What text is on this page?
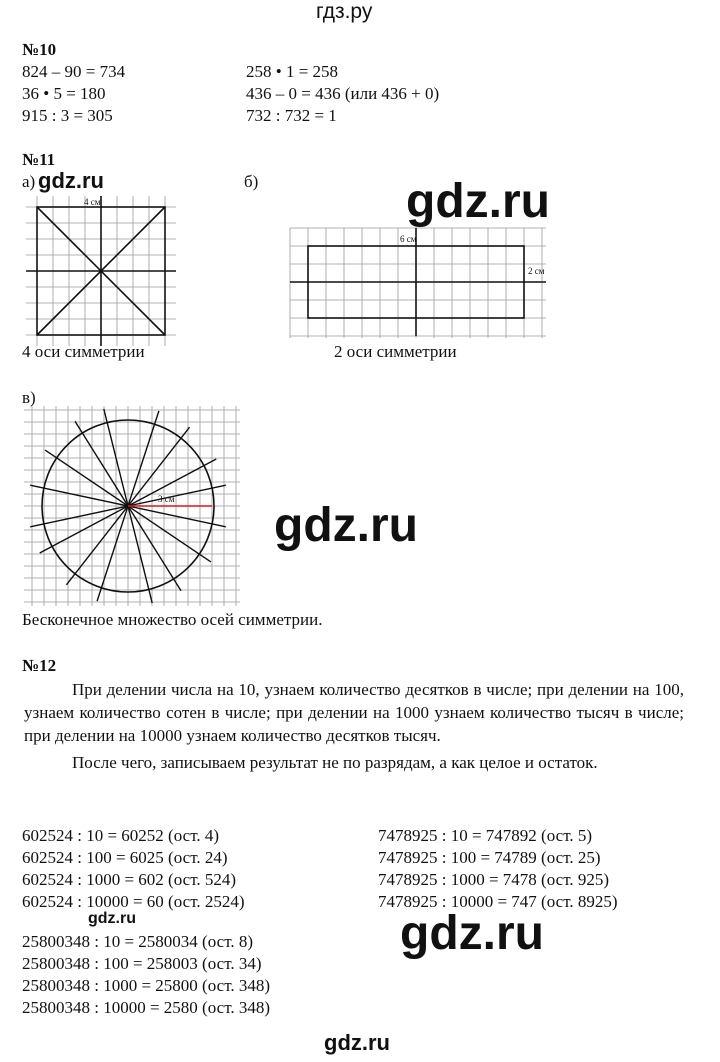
гдз.ру
№10
824 – 90 = 734
36 • 5 = 180
915 : 3 = 305
258 • 1 = 258
436 – 0 = 436 (или 436 + 0)
732 : 732 = 1
№11
а)	б)
4 см
gdz.ru
6 см
2 см
gdz.ru
4 оси симметрии	2 оси симметрии
в)
3 см gdz.ru
Бесконечное множество осей симметрии.
№12

При делении числа на 10, узнаем количество десятков в числе; при делении на 100, узнаем количество сотен в числе; при делении на 1000 узнаем количество тысяч в числе; при делении на 10000 узнаем количество десятков тысяч.

После чего, записываем результат не по разрядам, а как целое и остаток.

602524 : 10 = 60252 (ост. 4)
602524 : 100 = 6025 (ост. 24)
602524 : 1000 = 602 (ост. 524)
602524 : 10000 = 60 (ост. 2524)
7478925 : 10 = 747892 (ост. 5)
7478925 : 100 = 74789 (ост. 25)
7478925 : 1000 = 7478 (ост. 925)
7478925 : 10000 = 747 (ост. 8925)
gdz.ru
25800348 : 10 = 2580034 (ост. 8)
25800348 : 100 = 258003 (ост. 34)
25800348 : 1000 = 25800 (ост. 348)
25800348 : 10000 = 2580 (ост. 348)
gdz.ru
gdz.ru
